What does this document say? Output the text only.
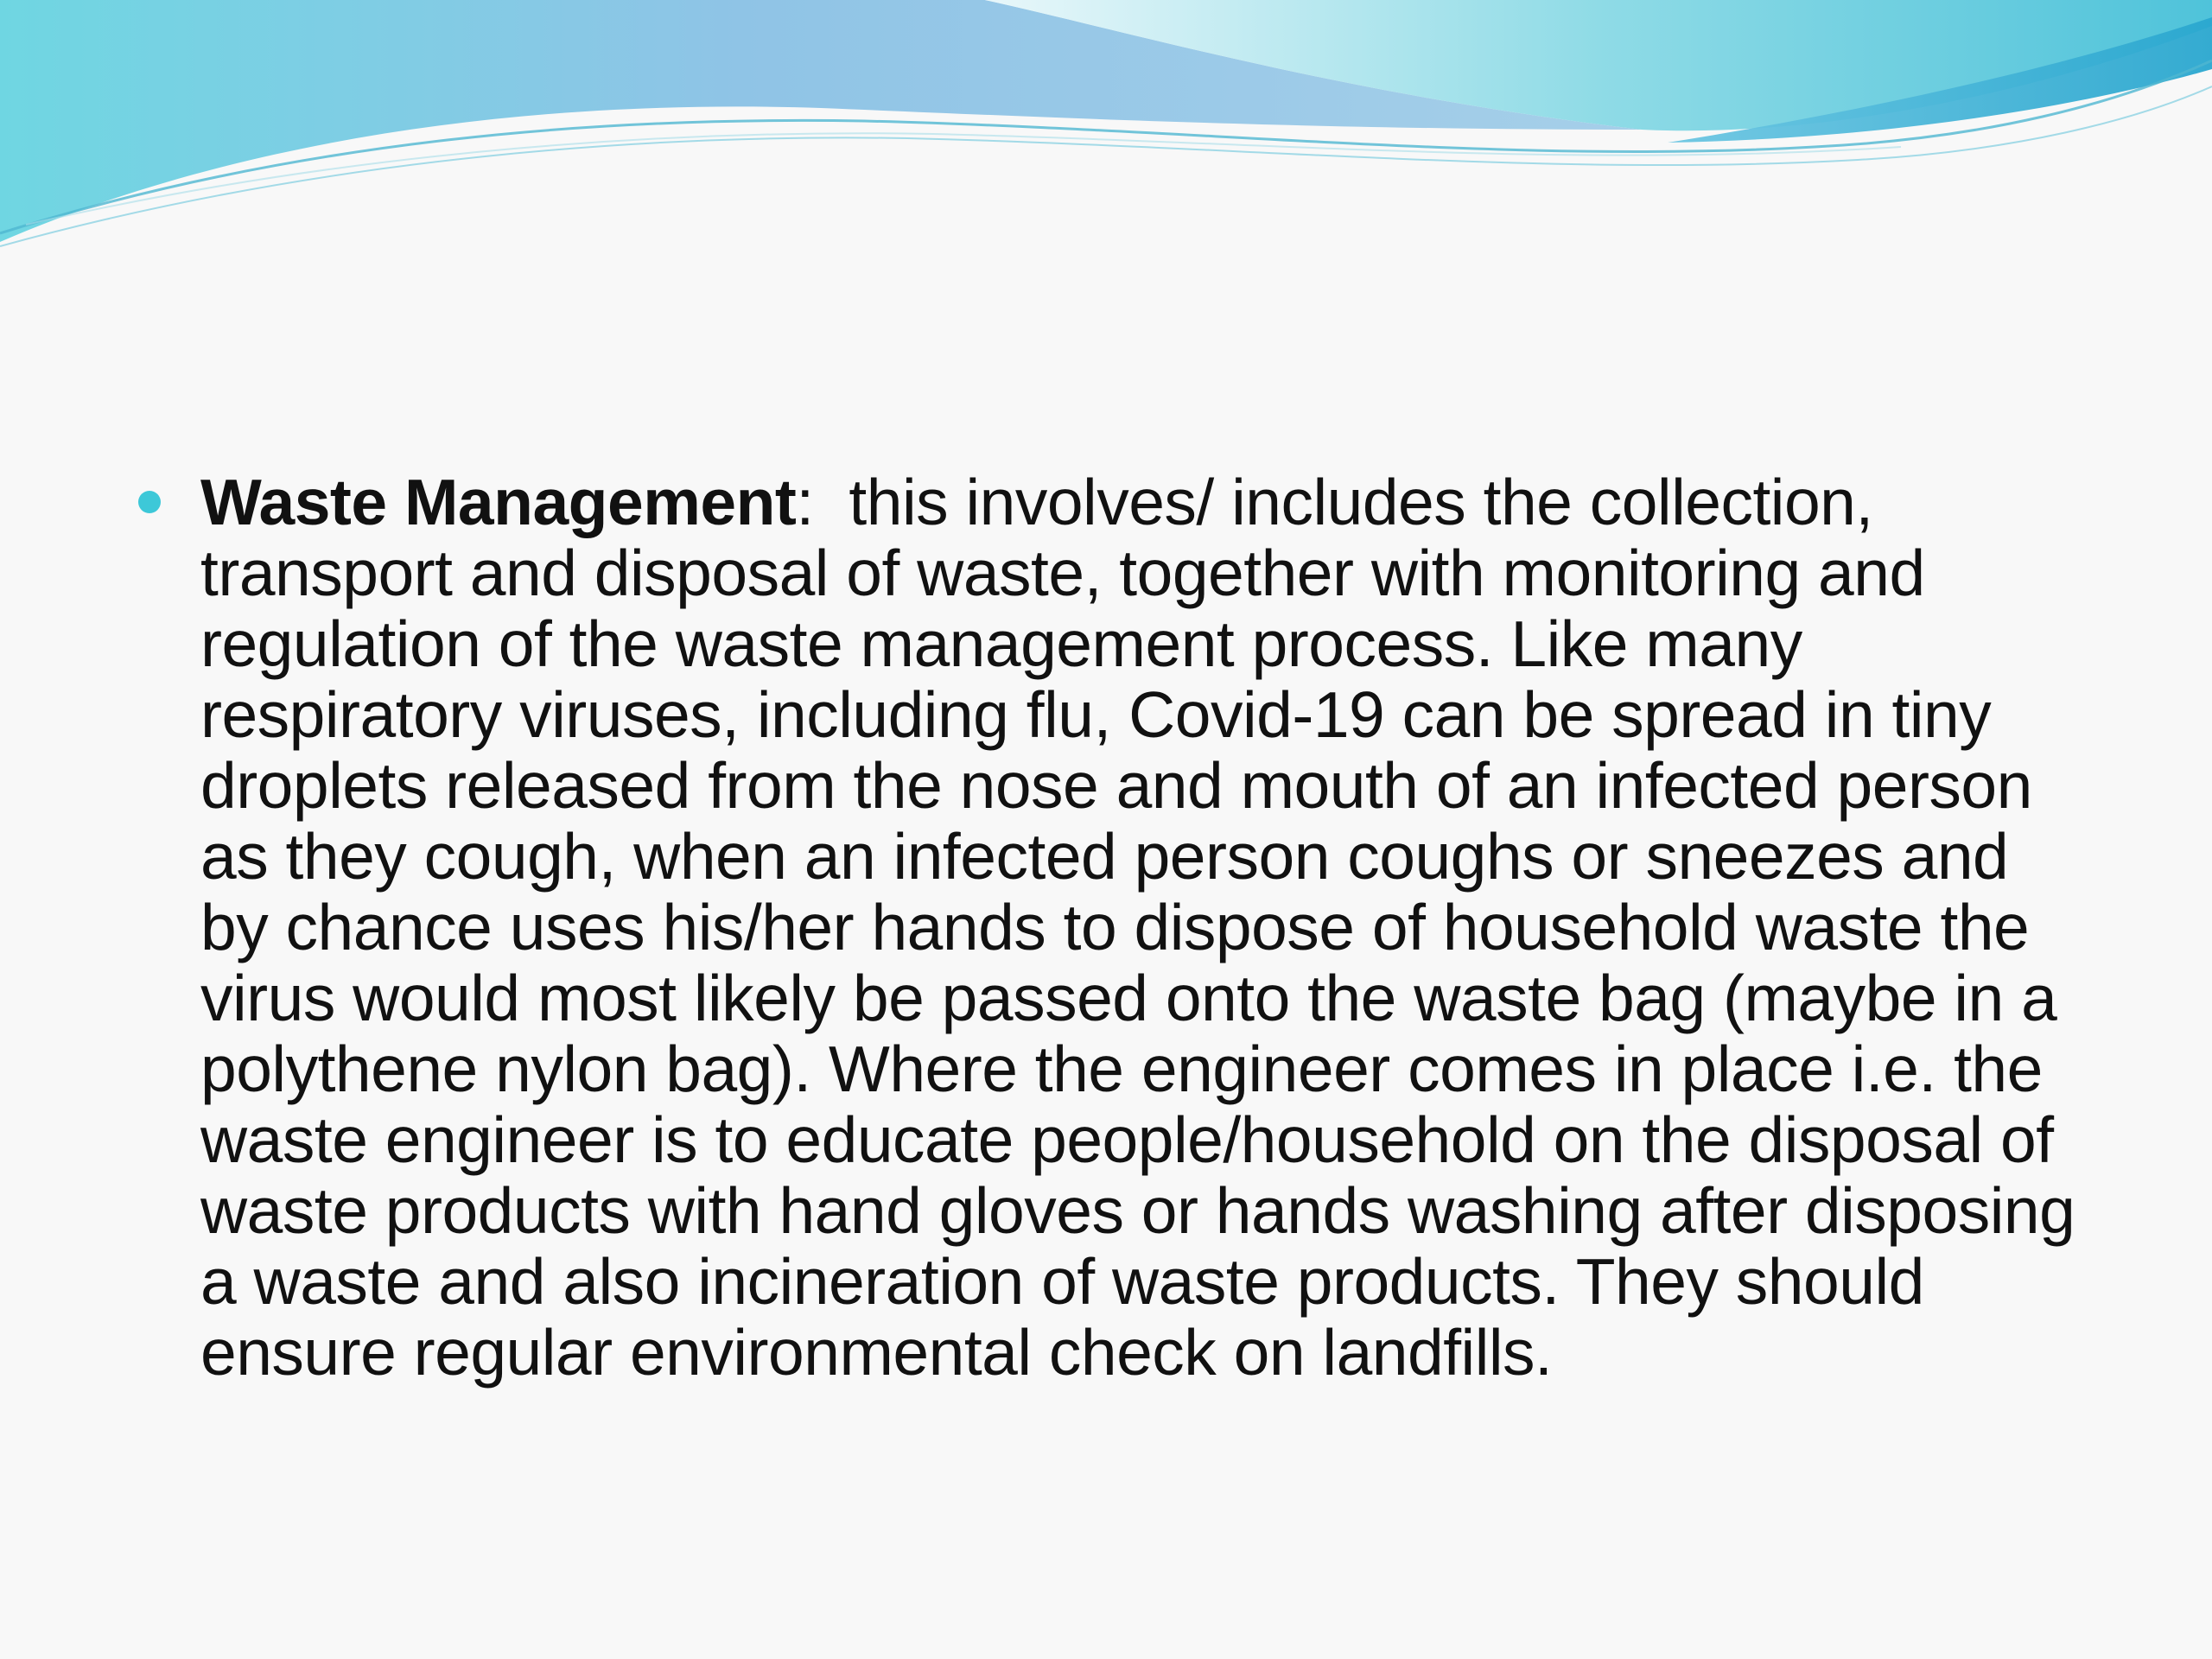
Waste Management:  this involves/ includes the collection, transport and disposal of waste, together with monitoring and regulation of the waste management process. Like many respiratory viruses, including flu, Covid-19 can be spread in tiny droplets released from the nose and mouth of an infected person as they cough, when an infected person coughs or sneezes and by chance uses his/her hands to dispose of household waste the virus would most likely be passed onto the waste bag (maybe in a polythene nylon bag). Where the engineer comes in place i.e. the waste engineer is to educate people/household on the disposal of waste products with hand gloves or hands washing after disposing a waste and also incineration of waste products. They should ensure regular environmental check on landfills.
